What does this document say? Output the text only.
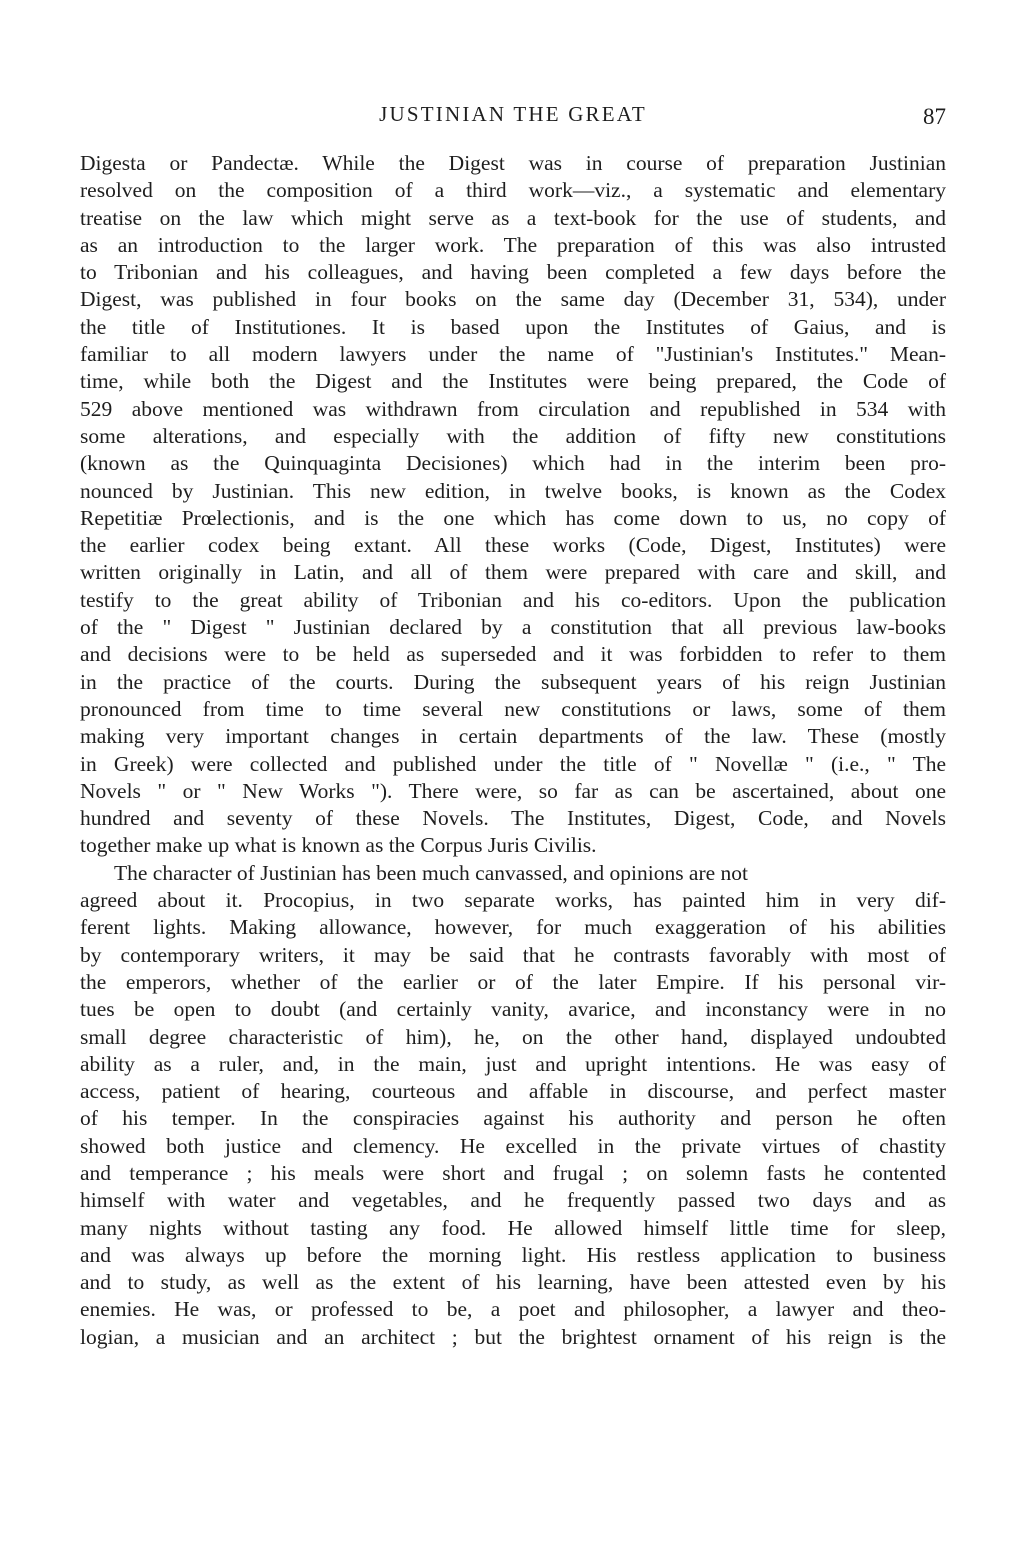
JUSTINIAN THE GREAT	87
Digesta or Pandectæ. While the Digest was in course of preparation Justinian
resolved on the composition of a third work—viz., a systematic and elementary
treatise on the law which might serve as a text-book for the use of students, and
as an introduction to the larger work. The preparation of this was also intrusted
to Tribonian and his colleagues, and having been completed a few days before the
Digest, was published in four books on the same day (December 31, 534), under
the title of Institutiones. It is based upon the Institutes of Gaius, and is
familiar to all modern lawyers under the name of "Justinian's Institutes." Mean-
time, while both the Digest and the Institutes were being prepared, the Code of
529 above mentioned was withdrawn from circulation and republished in 534 with
some alterations, and especially with the addition of fifty new constitutions
(known as the Quinquaginta Decisiones) which had in the interim been pro-
nounced by Justinian. This new edition, in twelve books, is known as the Codex
Repetitiæ Prœlectionis, and is the one which has come down to us, no copy of
the earlier codex being extant. All these works (Code, Digest, Institutes) were
written originally in Latin, and all of them were prepared with care and skill, and
testify to the great ability of Tribonian and his co-editors. Upon the publication
of the " Digest " Justinian declared by a constitution that all previous law-books
and decisions were to be held as superseded and it was forbidden to refer to them
in the practice of the courts. During the subsequent years of his reign Justinian
pronounced from time to time several new constitutions or laws, some of them
making very important changes in certain departments of the law. These (mostly
in Greek) were collected and published under the title of " Novellæ " (i.e., " The
Novels " or " New Works "). There were, so far as can be ascertained, about one
hundred and seventy of these Novels. The Institutes, Digest, Code, and Novels
together make up what is known as the Corpus Juris Civilis.
The character of Justinian has been much canvassed, and opinions are not
agreed about it. Procopius, in two separate works, has painted him in very dif-
ferent lights. Making allowance, however, for much exaggeration of his abilities
by contemporary writers, it may be said that he contrasts favorably with most of
the emperors, whether of the earlier or of the later Empire. If his personal vir-
tues be open to doubt (and certainly vanity, avarice, and inconstancy were in no
small degree characteristic of him), he, on the other hand, displayed undoubted
ability as a ruler, and, in the main, just and upright intentions. He was easy of
access, patient of hearing, courteous and affable in discourse, and perfect master
of his temper. In the conspiracies against his authority and person he often
showed both justice and clemency. He excelled in the private virtues of chastity
and temperance ; his meals were short and frugal ; on solemn fasts he contented
himself with water and vegetables, and he frequently passed two days and as
many nights without tasting any food. He allowed himself little time for sleep,
and was always up before the morning light. His restless application to business
and to study, as well as the extent of his learning, have been attested even by his
enemies. He was, or professed to be, a poet and philosopher, a lawyer and theo-
logian, a musician and an architect ; but the brightest ornament of his reign is the
